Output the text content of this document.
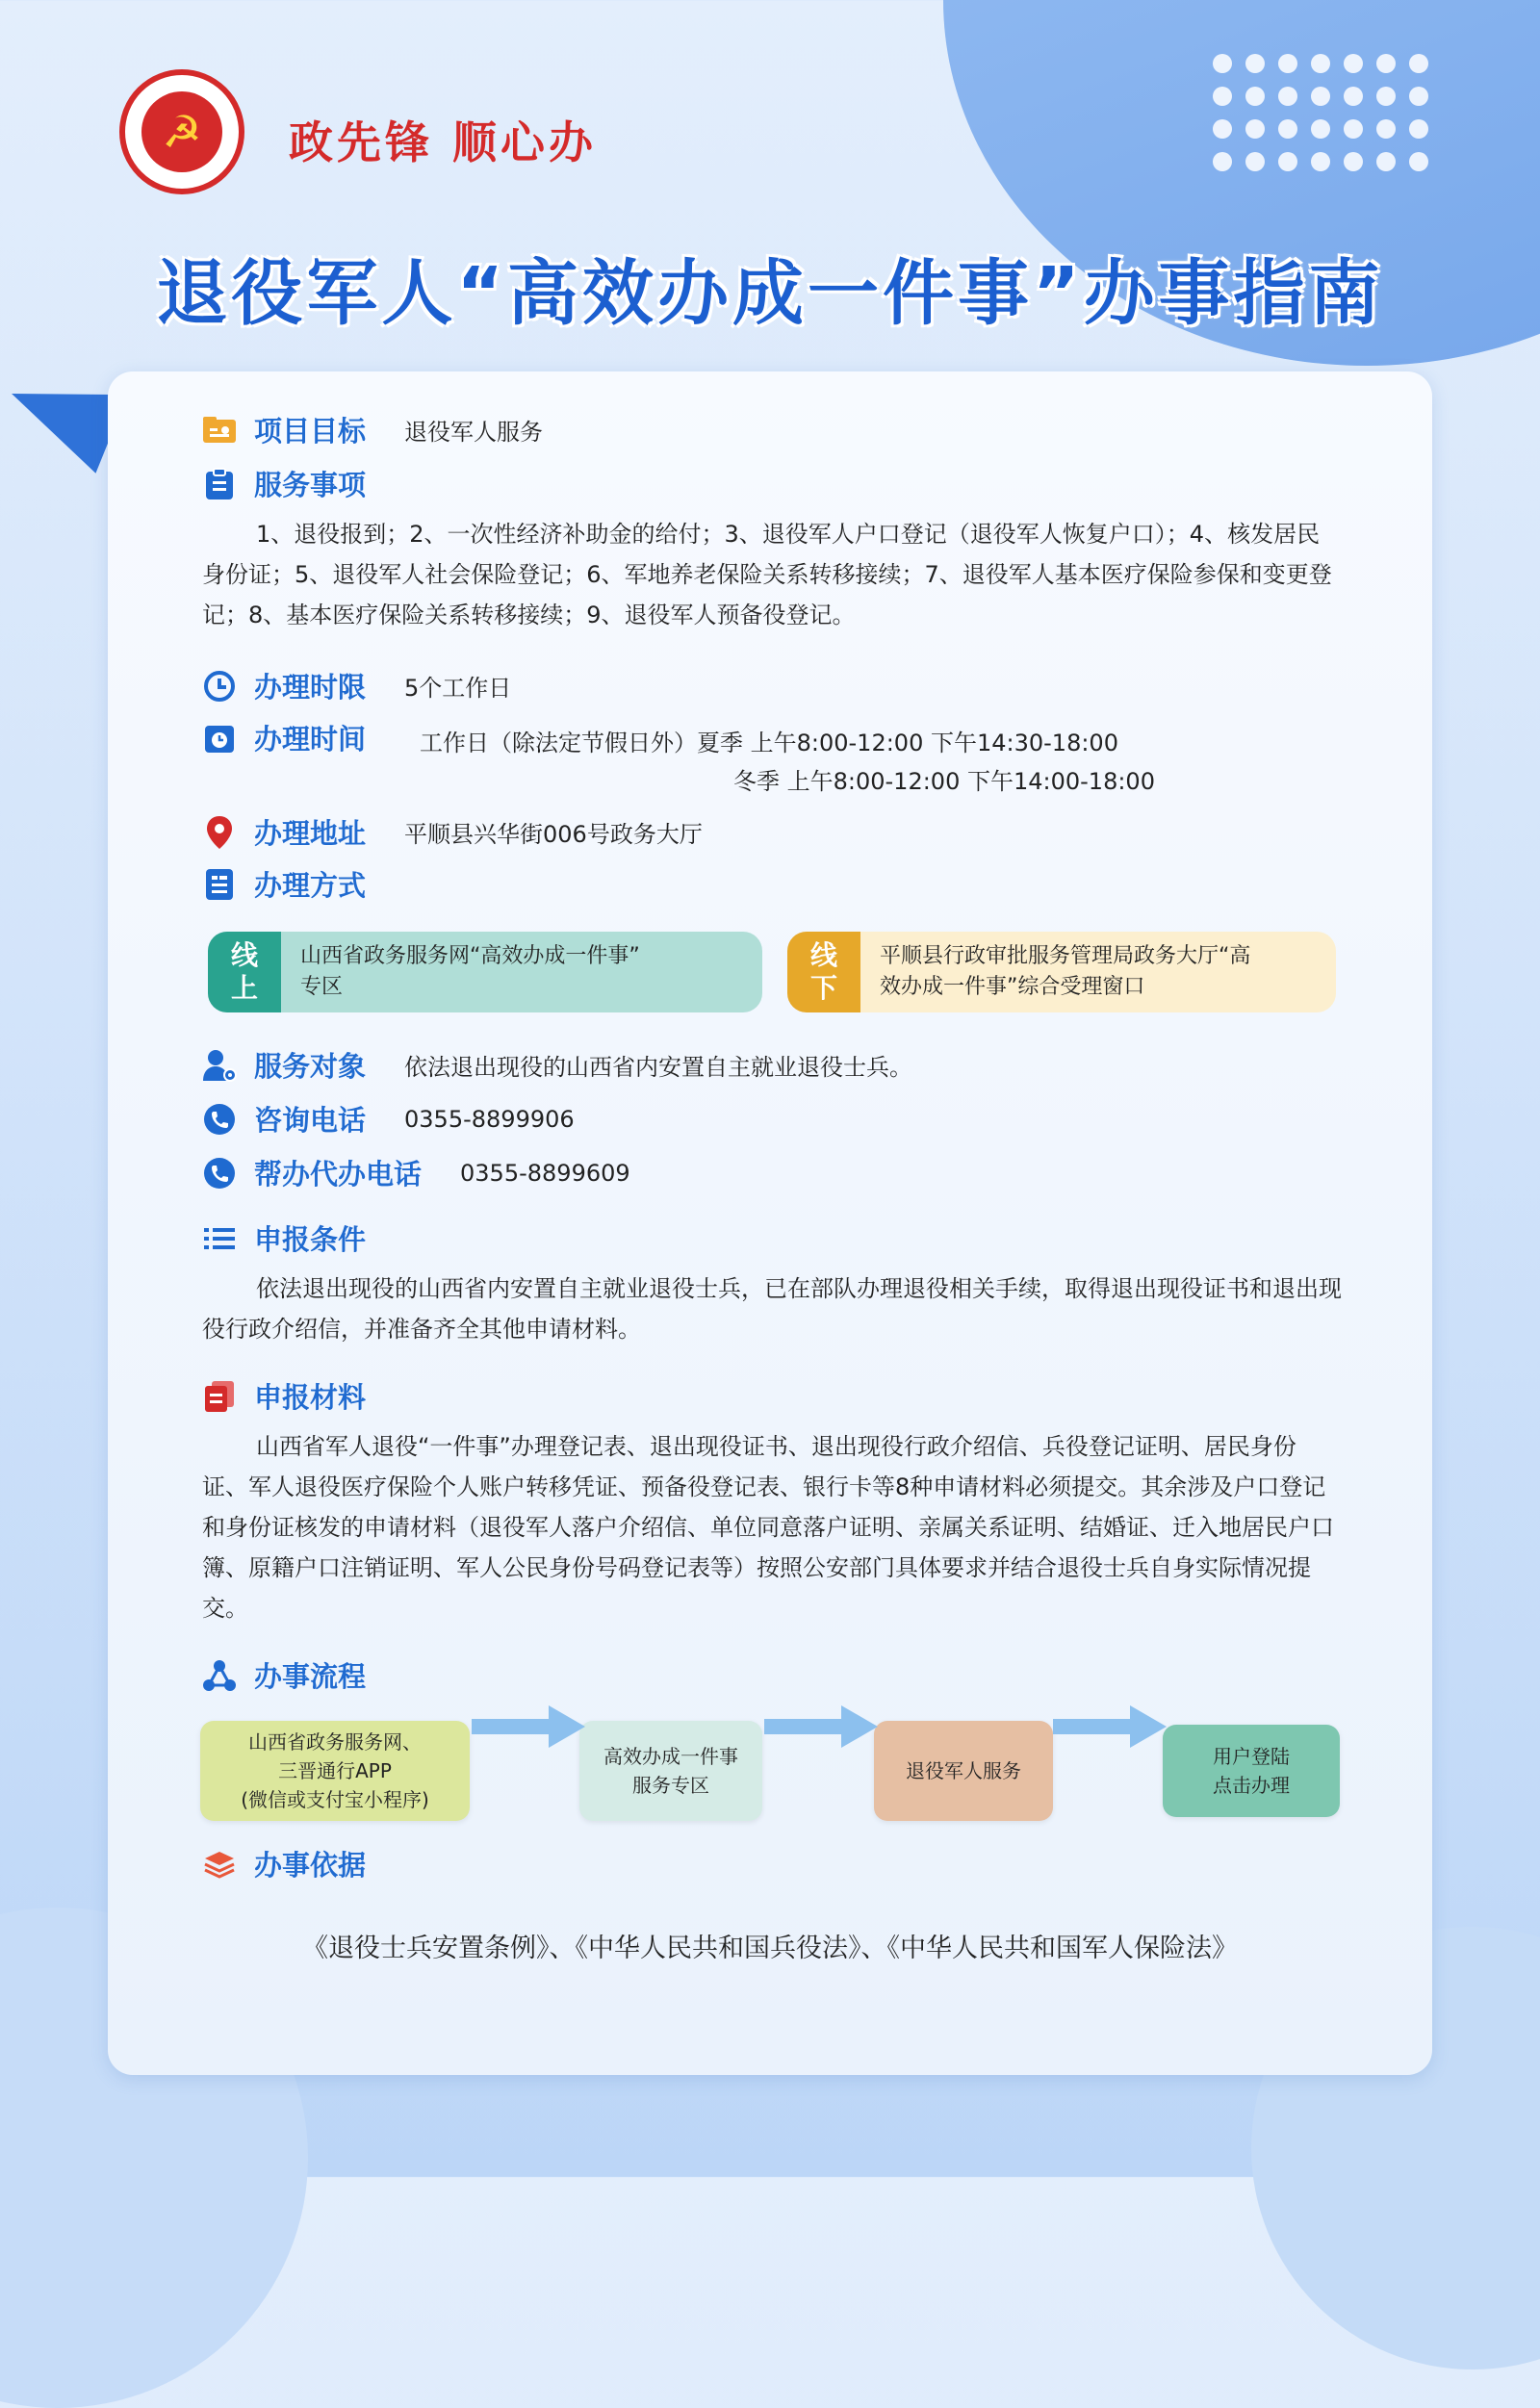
☭	政先锋 顺心办
退役军人“高效办成一件事”办事指南
项目目标 退役军人服务
服务事项
1、退役报到；2、一次性经济补助金的给付；3、退役军人户口登记（退役军人恢复户口）；4、核发居民身份证；5、退役军人社会保险登记；6、军地养老保险关系转移接续；7、退役军人基本医疗保险参保和变更登记；8、基本医疗保险关系转移接续；9、退役军人预备役登记。
办理时限 5个工作日
办理时间 工作日（除法定节假日外）夏季 上午8:00-12:00 下午14:30-18:00
冬季 上午8:00-12:00 下午14:00-18:00
办理地址 平顺县兴华街006号政务大厅
办理方式
线
上
山西省政务服务网“高效办成一件事”
专区
线
下
平顺县行政审批服务管理局政务大厅“高
效办成一件事”综合受理窗口
服务对象 依法退出现役的山西省内安置自主就业退役士兵。
咨询电话 0355-8899906
帮办代办电话 0355-8899609
申报条件
依法退出现役的山西省内安置自主就业退役士兵，已在部队办理退役相关手续，取得退出现役证书和退出现役行政介绍信，并准备齐全其他申请材料。
申报材料
山西省军人退役“一件事”办理登记表、退出现役证书、退出现役行政介绍信、兵役登记证明、居民身份证、军人退役医疗保险个人账户转移凭证、预备役登记表、银行卡等8种申请材料必须提交。其余涉及户口登记和身份证核发的申请材料（退役军人落户介绍信、单位同意落户证明、亲属关系证明、结婚证、迁入地居民户口簿、原籍户口注销证明、军人公民身份号码登记表等）按照公安部门具体要求并结合退役士兵自身实际情况提交。
办事流程
山西省政务服务网、
三晋通行APP
(微信或支付宝小程序)
高效办成一件事
服务专区
退役军人服务
用户登陆
点击办理
办事依据
《退役士兵安置条例》、《中华人民共和国兵役法》、《中华人民共和国军人保险法》
